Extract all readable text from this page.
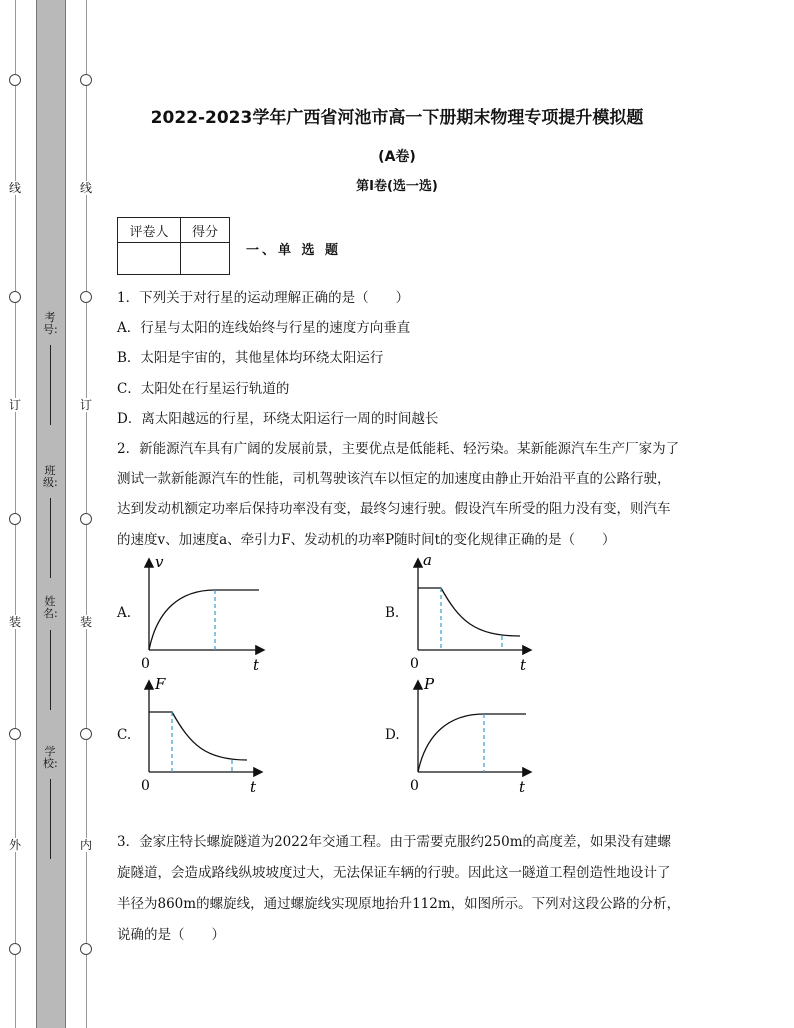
线
订
装
外
线
订
装
内
考号:
班级:
姓名:
学校:
2022-2023学年广西省河池市高一下册期末物理专项提升模拟题
(A卷)
第I卷(选一选)
评卷人	得分

一、单 选 题
1．下列关于对行星的运动理解正确的是（　　）
A．行星与太阳的连线始终与行星的速度方向垂直
B．太阳是宇宙的，其他星体均环绕太阳运行
C．太阳处在行星运行轨道的
D．离太阳越远的行星，环绕太阳运行一周的时间越长
2．新能源汽车具有广阔的发展前景，主要优点是低能耗、轻污染。某新能源汽车生产厂家为了
测试一款新能源汽车的性能，司机驾驶该汽车以恒定的加速度由静止开始沿平直的公路行驶，
达到发动机额定功率后保持功率没有变，最终匀速行驶。假设汽车所受的阻力没有变，则汽车
的速度v、加速度a、牵引力F、发动机的功率P随时间t的变化规律正确的是（　　）
A.	B.
C.	D.
v
t
0
a
t
0
F
t
0
P
t
0
3．金家庄特长螺旋隧道为2022年交通工程。由于需要克服约250m的高度差，如果没有建螺
旋隧道，会造成路线纵坡坡度过大，无法保证车辆的行驶。因此这一隧道工程创造性地设计了
半径为860m的螺旋线，通过螺旋线实现原地抬升112m，如图所示。下列对这段公路的分析，
说确的是（　　）
